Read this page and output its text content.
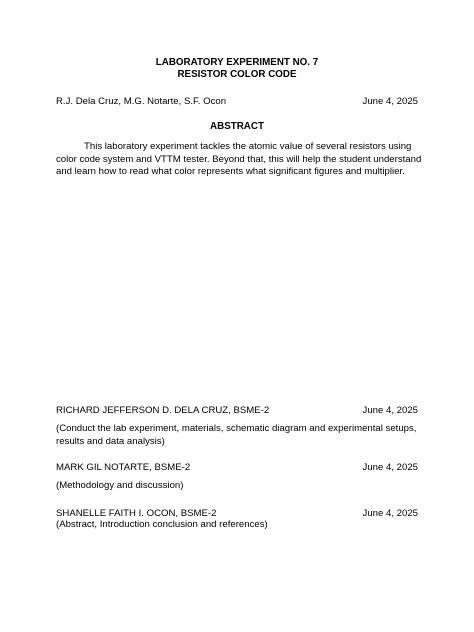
LABORATORY EXPERIMENT NO. 7
RESISTOR COLOR CODE
R.J. Dela Cruz, M.G. Notarte, S.F. Ocon	June 4, 2025
ABSTRACT

This laboratory experiment tackles the atomic value of several resistors using color code system and VTTM tester. Beyond that, this will help the student understand and learn how to read what color represents what significant figures and multiplier.

RICHARD JEFFERSON D. DELA CRUZ, BSME-2	June 4, 2025

(Conduct the lab experiment, materials, schematic diagram and experimental setups, results and data analysis)

MARK GIL NOTARTE, BSME-2	June 4, 2025

(Methodology and discussion)

SHANELLE FAITH I. OCON, BSME-2	June 4, 2025

(Abstract, Introduction conclusion and references)
